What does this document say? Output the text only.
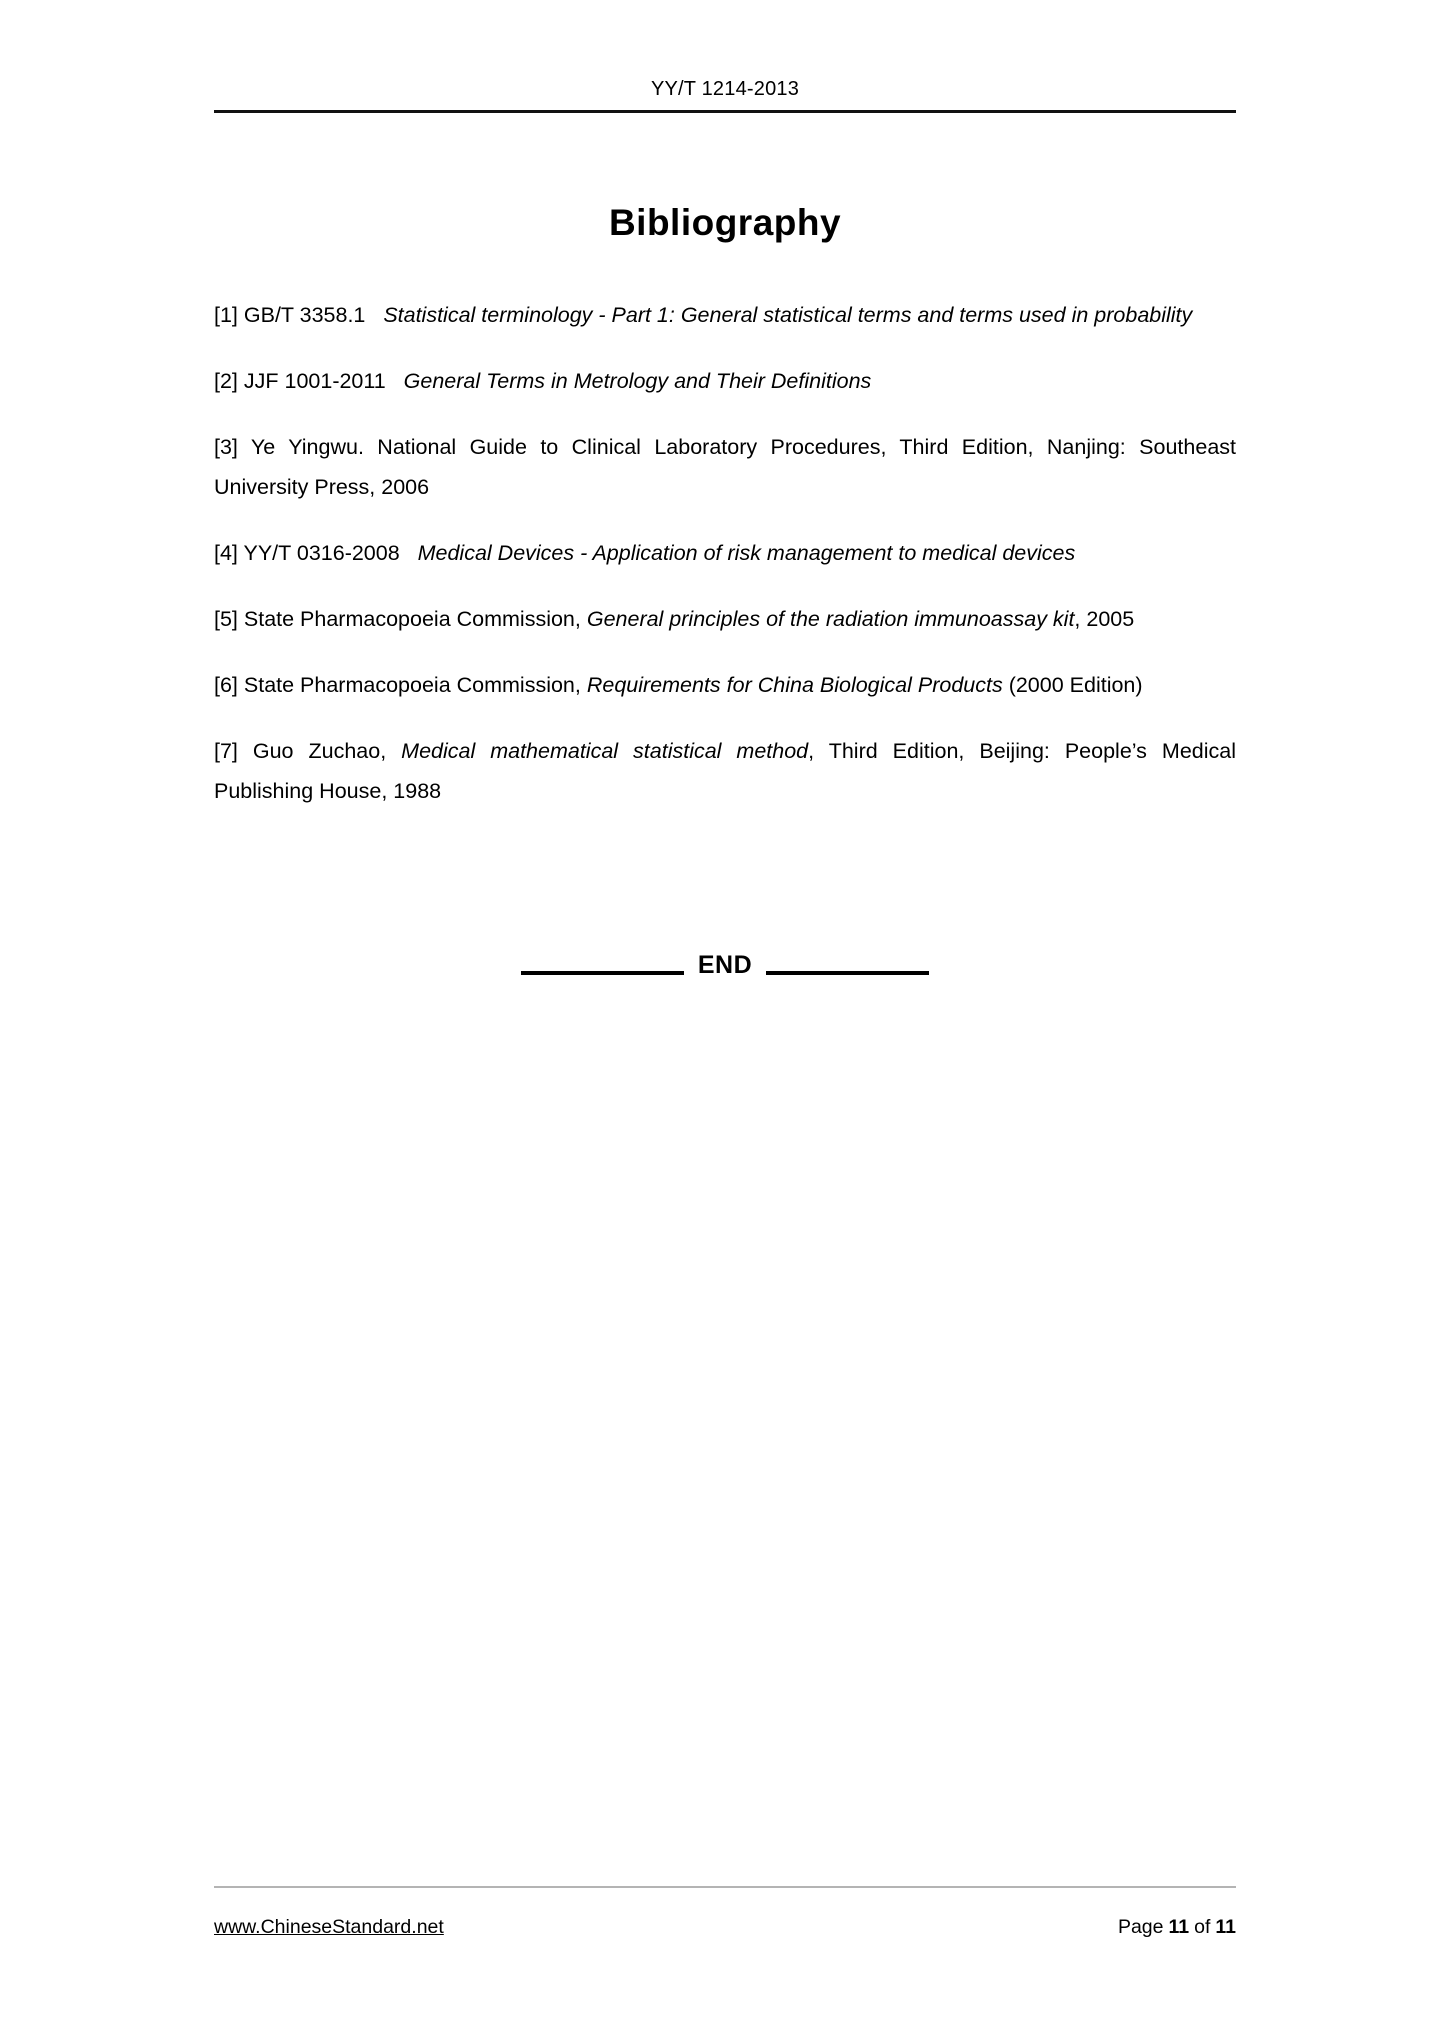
YY/T 1214-2013
Bibliography

[1] GB/T 3358.1   Statistical terminology - Part 1: General statistical terms and terms used in probability

[2] JJF 1001-2011   General Terms in Metrology and Their Definitions

[3] Ye Yingwu. National Guide to Clinical Laboratory Procedures, Third Edition, Nanjing: Southeast University Press, 2006

[4] YY/T 0316-2008   Medical Devices - Application of risk management to medical devices

[5] State Pharmacopoeia Commission, General principles of the radiation immunoassay kit, 2005

[6] State Pharmacopoeia Commission, Requirements for China Biological Products (2000 Edition)

[7] Guo Zuchao, Medical mathematical statistical method, Third Edition, Beijing: People’s Medical Publishing House, 1988

END
www.ChineseStandard.net	Page 11 of 11
